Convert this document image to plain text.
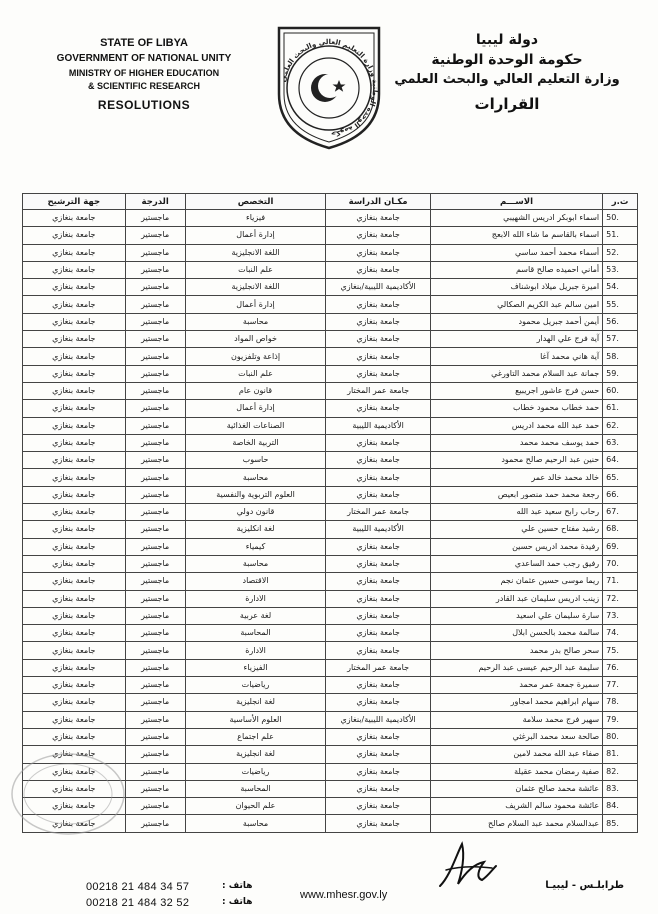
STATE OF LIBYA
GOVERNMENT OF NATIONAL UNITY
MINISTRY OF HIGHER EDUCATION
& SCIENTIFIC RESEARCH
RESOLUTIONS
حكومة الوحدة الوطنية وزارة التعليم العالي والبحث العلمي
دولة ليبيا
حكومة الوحدة الوطنية
وزارة التعليم العالي والبحث العلمي
القرارات
ت.ر	الاســـم	مكـان الدراسة	التخصص	الدرجة	جهة الترشيح
50.	اسماء ابوبكر ادريس الشهيبي	جامعة بنغازي	فيزياء	ماجستير	جامعة بنغازي
51.	اسماء بالقاسم ما شاء الله الابعج	جامعة بنغازي	إدارة أعمال	ماجستير	جامعة بنغازي
52.	أسماء محمد أحمد ساسي	جامعة بنغازي	اللغة الانجليزية	ماجستير	جامعة بنغازي
53.	أماني احميده صالح قاسم	جامعة بنغازي	علم النبات	ماجستير	جامعة بنغازي
54.	اميرة جبريل ميلاد ابوشناف	الأكاديمية الليبية/بنغازي	اللغة الانجليزية	ماجستير	جامعة بنغازي
55.	امين سالم عبد الكريم الصكالي	جامعة بنغازي	إدارة أعمال	ماجستير	جامعة بنغازي
56.	أيمن أحمد جبريل محمود	جامعة بنغازي	محاسبة	ماجستير	جامعة بنغازي
57.	آية فرج علي الهدار	جامعة بنغازي	خواص المواد	ماجستير	جامعة بنغازي
58.	آية هاني محمد آغا	جامعة بنغازي	إذاعة وتلفزيون	ماجستير	جامعة بنغازي
59.	جمانة عبد السلام محمد التاورغي	جامعة بنغازي	علم النبات	ماجستير	جامعة بنغازي
60.	حسن فرج عاشور اجريبيع	جامعة عمر المختار	قانون عام	ماجستير	جامعة بنغازي
61.	حمد خطاب محمود خطاب	جامعة بنغازي	إدارة أعمال	ماجستير	جامعة بنغازي
62.	حمد عبد الله محمد ادريس	الأكاديمية الليبية	الصناعات الغذائية	ماجستير	جامعة بنغازي
63.	حمد يوسف محمد محمد	جامعة بنغازي	التربية الخاصة	ماجستير	جامعة بنغازي
64.	حنين عبد الرحيم صالح محمود	جامعة بنغازي	حاسوب	ماجستير	جامعة بنغازي
65.	خالد محمد خالد عمر	جامعة بنغازي	محاسبة	ماجستير	جامعة بنغازي
66.	رجعة محمد حمد منصور ابعيص	جامعة بنغازي	العلوم التربوية والنفسية	ماجستير	جامعة بنغازي
67.	رحاب رابح سعيد عبد الله	جامعة عمر المختار	قانون دولي	ماجستير	جامعة بنغازي
68.	رشيد مفتاح حسين علي	الأكاديمية الليبية	لغة انكليزية	ماجستير	جامعة بنغازي
69.	رفيدة محمد ادريس حسين	جامعة بنغازي	كيمياء	ماجستير	جامعة بنغازي
70.	رفيق رجب حمد الساعدي	جامعة بنغازي	محاسبة	ماجستير	جامعة بنغازي
71.	ريما موسى حسين عثمان نجم	جامعة بنغازي	الاقتصاد	ماجستير	جامعة بنغازي
72.	زينب ادريس سليمان عبد القادر	جامعة بنغازي	الادارة	ماجستير	جامعة بنغازي
73.	سارة سليمان علي اسعيد	جامعة بنغازي	لغة عربية	ماجستير	جامعة بنغازي
74.	سالمة محمد بالحسن ابلال	جامعة بنغازي	المحاسبة	ماجستير	جامعة بنغازي
75.	سحر صالح بدر محمد	جامعة بنغازي	الادارة	ماجستير	جامعة بنغازي
76.	سليمة عبد الرحيم عيسى عبد الرحيم	جامعة عمر المختار	الفيزياء	ماجستير	جامعة بنغازي
77.	سميرة جمعة عمر محمد	جامعة بنغازي	رياضيات	ماجستير	جامعة بنغازي
78.	سهام ابراهيم محمد امجاور	جامعة بنغازي	لغة انجليزية	ماجستير	جامعة بنغازي
79.	سهير فرج محمد سلامة	الأكاديمية الليبية/بنغازي	العلوم الأساسية	ماجستير	جامعة بنغازي
80.	صالحة سعد محمد البرغثي	جامعة بنغازي	علم اجتماع	ماجستير	جامعة بنغازي
81.	صفاء عبد الله محمد لامين	جامعة بنغازي	لغة انجليزية	ماجستير	جامعة بنغازي
82.	صفية رمضان محمد عقيلة	جامعة بنغازي	رياضيات	ماجستير	جامعة بنغازي
83.	عائشة محمد صالح عثمان	جامعة بنغازي	المحاسبة	ماجستير	جامعة بنغازي
84.	عائشة محمود سالم الشريف	جامعة بنغازي	علم الحيوان	ماجستير	جامعة بنغازي
85.	عبدالسلام محمد عبد السلام صالح	جامعة بنغازي	محاسبة	ماجستير	جامعة بنغازي
طرابلـس - ليبيـا
www.mhesr.gov.ly
هاتف :
هاتف :
00218 21 484 34 57
00218 21 484 32 52
